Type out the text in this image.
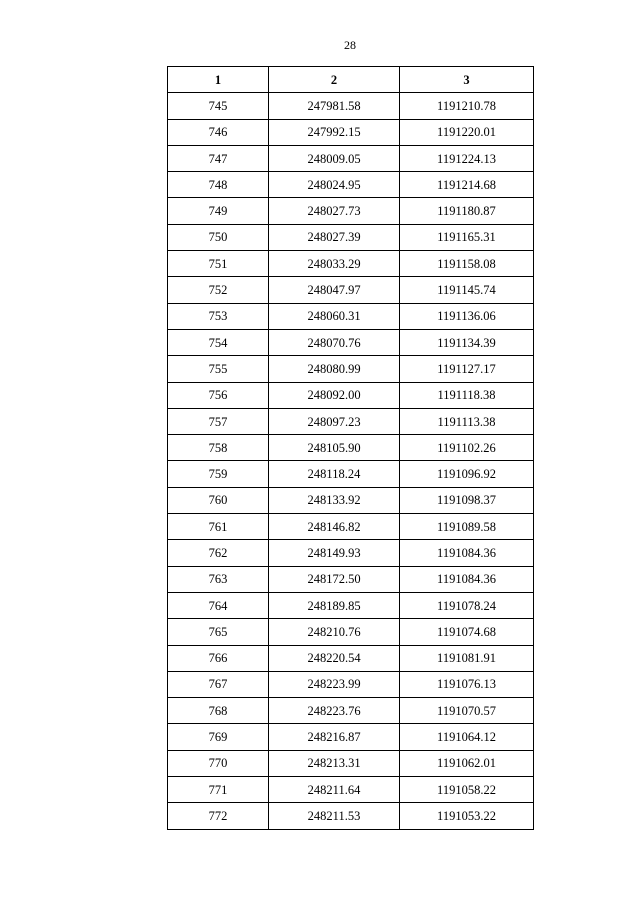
28
1	2	3
745	247981.58	1191210.78
746	247992.15	1191220.01
747	248009.05	1191224.13
748	248024.95	1191214.68
749	248027.73	1191180.87
750	248027.39	1191165.31
751	248033.29	1191158.08
752	248047.97	1191145.74
753	248060.31	1191136.06
754	248070.76	1191134.39
755	248080.99	1191127.17
756	248092.00	1191118.38
757	248097.23	1191113.38
758	248105.90	1191102.26
759	248118.24	1191096.92
760	248133.92	1191098.37
761	248146.82	1191089.58
762	248149.93	1191084.36
763	248172.50	1191084.36
764	248189.85	1191078.24
765	248210.76	1191074.68
766	248220.54	1191081.91
767	248223.99	1191076.13
768	248223.76	1191070.57
769	248216.87	1191064.12
770	248213.31	1191062.01
771	248211.64	1191058.22
772	248211.53	1191053.22
